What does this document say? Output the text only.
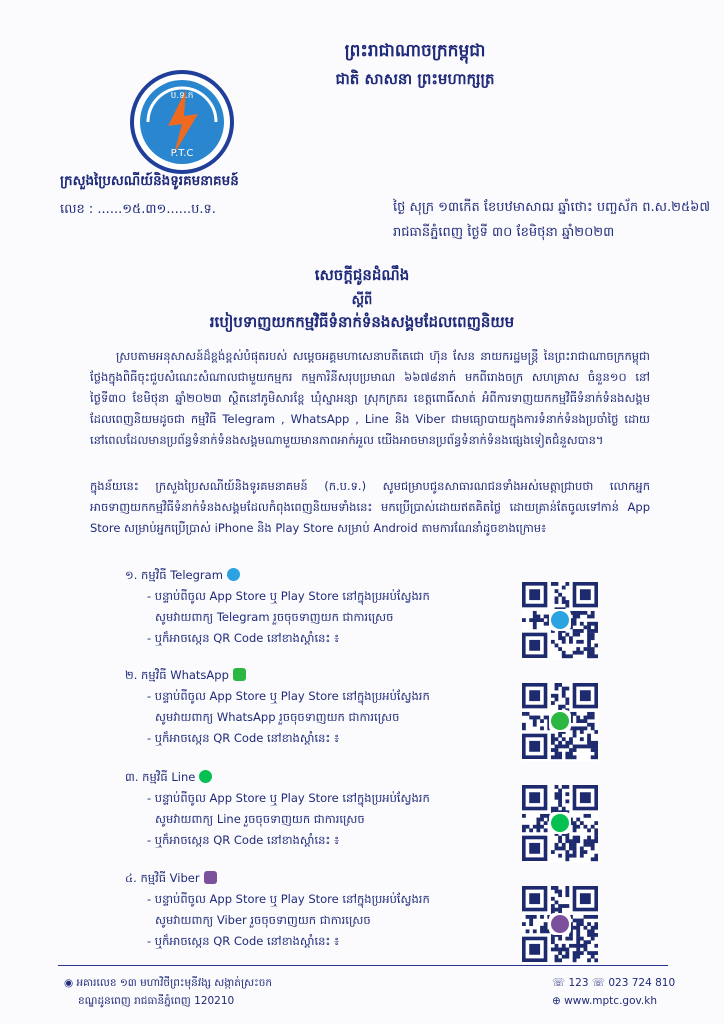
ព្រះរាជាណាចក្រកម្ពុជា
ជាតិ សាសនា ព្រះមហាក្សត្រ
ប.ទ.ក
P.T.C
ក្រសួងប្រៃសណីយ៍និងទូរគមនាគមន៍
លេខ : ......១៥.៣១......ប.ទ.	ថ្ងៃ សុក្រ ១៣កើត ខែបឋមាសាឍ ឆ្នាំថោះ បញ្ចស័ក ព.ស.២៥៦៧
រាជធានីភ្នំពេញ ថ្ងៃទី ៣០ ខែមិថុនា ឆ្នាំ២០២៣
សេចក្តីជូនដំណឹង
ស្តីពី
របៀបទាញយកកម្មវិធីទំនាក់ទំនងសង្គមដែលពេញនិយម
ស្របតាមអនុសាសន៍ដ៏ខ្ពង់ខ្ពស់បំផុតរបស់ សម្តេចអគ្គមហាសេនាបតីតេជោ ហ៊ុន សែន នាយករដ្ឋមន្ត្រី នៃព្រះរាជាណាចក្រកម្ពុជា ថ្លែងក្នុងពិធីចុះជួបសំណេះសំណាលជាមួយកម្មករ កម្មការិនីសរុបប្រមាណ ៦៦៧៨នាក់ មកពីរោងចក្រ សហគ្រាស ចំនួន១០ នៅថ្ងៃទី៣០ ខែមិថុនា ឆ្នាំ២០២៣ ស្ថិតនៅភូមិសារខ្ពែ ឃុំស្នាអន្សា ស្រុកក្រគរ ខេត្តពោធិ៍សាត់ អំពីការទាញយកកម្មវិធីទំនាក់ទំនងសង្គមដែលពេញនិយមដូចជា កម្មវិធី Telegram , WhatsApp , Line និង Viber ជាមធ្យោបាយក្នុងការទំនាក់ទំនងប្រចាំថ្ងៃ ដោយនៅពេលដែលមានប្រព័ន្ធទំនាក់ទំនងសង្គមណាមួយមានភាពអាក់អួល យើងអាចមានប្រព័ន្ធទំនាក់ទំនងផ្សេងទៀតជំនួសបាន។
ក្នុងន័យនេះ ក្រសួងប្រៃសណីយ៍និងទូរគមនាគមន៍ (ក.ប.ទ.) សូមជម្រាបជូនសាធារណជនទាំងអស់មេត្តាជ្រាបថា លោកអ្នកអាចទាញយកកម្មវិធីទំនាក់ទំនងសង្គមដែលកំពុងពេញនិយមទាំងនេះ មកប្រើប្រាស់ដោយឥតគិតថ្លៃ ដោយគ្រាន់តែចូលទៅកាន់ App Store សម្រាប់អ្នកប្រើប្រាស់ iPhone និង Play Store សម្រាប់ Android តាមការណែនាំដូចខាងក្រោម៖
១. កម្មវិធី Telegram
- បន្ទាប់ពីចូល App Store ឬ Play Store នៅក្នុងប្រអប់ស្វែងរក
សូមវាយពាក្យ Telegram រួចចុចទាញយក ជាការស្រេច
- ឬក៏អាចស្កេន QR Code នៅខាងស្តាំនេះ ៖
២. កម្មវិធី WhatsApp
- បន្ទាប់ពីចូល App Store ឬ Play Store នៅក្នុងប្រអប់ស្វែងរក
សូមវាយពាក្យ WhatsApp រួចចុចទាញយក ជាការស្រេច
- ឬក៏អាចស្កេន QR Code នៅខាងស្តាំនេះ ៖
៣. កម្មវិធី Line
- បន្ទាប់ពីចូល App Store ឬ Play Store នៅក្នុងប្រអប់ស្វែងរក
សូមវាយពាក្យ Line រួចចុចទាញយក ជាការស្រេច
- ឬក៏អាចស្កេន QR Code នៅខាងស្តាំនេះ ៖
៤. កម្មវិធី Viber
- បន្ទាប់ពីចូល App Store ឬ Play Store នៅក្នុងប្រអប់ស្វែងរក
សូមវាយពាក្យ Viber រួចចុចទាញយក ជាការស្រេច
- ឬក៏អាចស្កេន QR Code នៅខាងស្តាំនេះ ៖
◉ អគារលេខ ១៣ មហាវិថីព្រះមុនីវង្ស សង្កាត់ស្រះចក
ខណ្ឌដូនពេញ រាជធានីភ្នំពេញ 120210
☏ 123 ☏ 023 724 810
⊕ www.mptc.gov.kh
